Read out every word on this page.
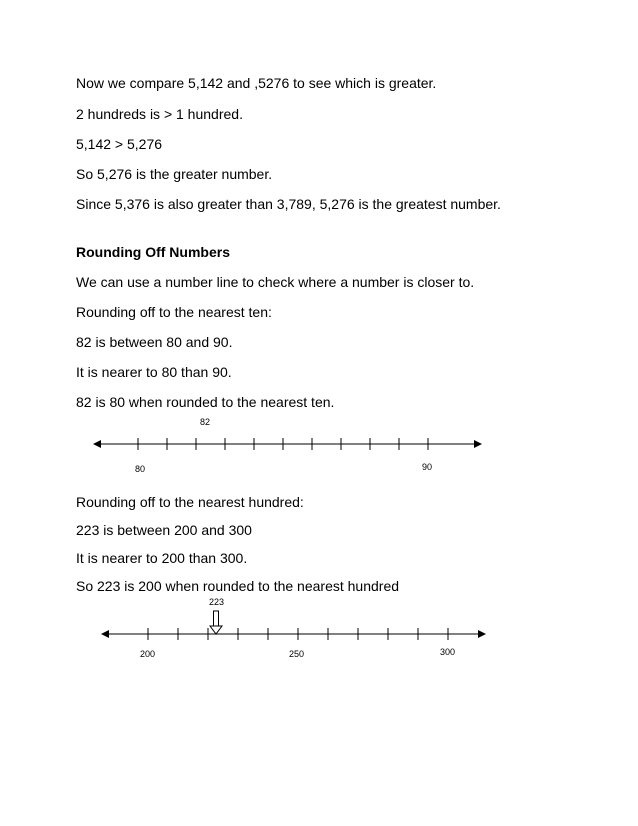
Now we compare 5,142 and ,5276 to see which is greater.
2 hundreds is > 1 hundred.
5,142 > 5,276
So 5,276 is the greater number.
Since 5,376 is also greater than 3,789, 5,276 is the greatest number.
Rounding Off Numbers
We can use a number line to check where a number is closer to.
Rounding off to the nearest ten:
82 is between 80 and 90.
It is nearer to 80 than 90.
82 is 80 when rounded to the nearest ten.
82
80	90
Rounding off to the nearest hundred:
223 is between 200 and 300
It is nearer to 200 than 300.
So 223 is 200 when rounded to the nearest hundred
223
200	250	300
